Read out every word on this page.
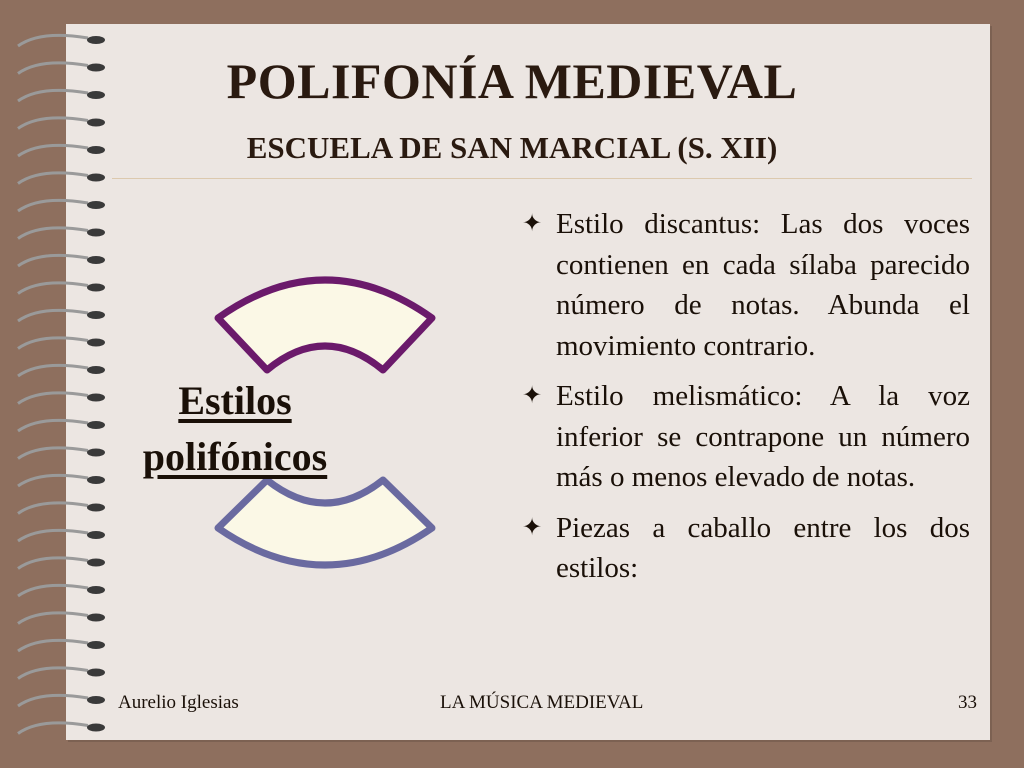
POLIFONÍA MEDIEVAL
ESCUELA DE SAN MARCIAL (S. XII)
Estilos
polifónicos
✦ Estilo discantus: Las dos voces contienen en cada sílaba parecido número de notas. Abunda el movimiento contrario.
✦ Estilo melismático: A la voz inferior se contrapone un número más o menos elevado de notas.
✦ Piezas a caballo entre los dos estilos:
Aurelio Iglesias	LA MÚSICA MEDIEVAL	33
